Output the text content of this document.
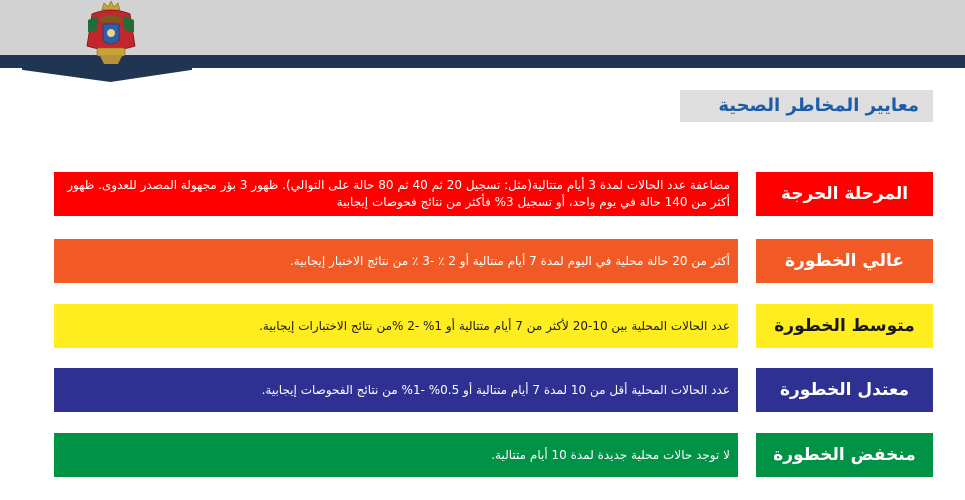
معايير المخاطر الصحية
مضاعفة عدد الحالات لمدة 3 أيام متتالية(مثل: تسجيل 20 ثم 40 ثم 80 حالة على التوالي). ظهور 3 بؤر مجهولة المصدر للعدوى. ظهور أكثر من 140 حالة في يوم واحد، أو تسجيل 3% فأكثر من نتائج فحوصات إيجابية	المرحلة الحرجة
أكثر من 20 حالة محلية في اليوم لمدة 7 أيام متتالية أو 2 ٪ -3 ٪ من نتائج الاختبار إيجابية.	عالي الخطورة
عدد الحالات المحلية بين 10-20 لأكثر من 7 أيام متتالية أو 1% -2 %من نتائج الاختبارات إيجابية.	متوسط الخطورة
عدد الحالات المحلية أقل من 10 لمدة 7 أيام متتالية أو 0.5% -1% من نتائج الفحوصات إيجابية.	معتدل الخطورة
لا توجد حالات محلية جديدة لمدة 10 أيام متتالية.	منخفض الخطورة
